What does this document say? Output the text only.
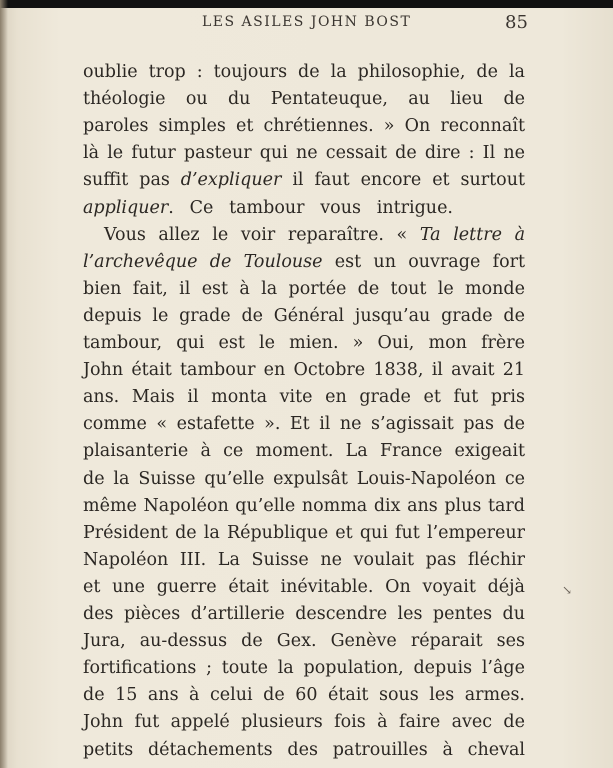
LES ASILES JOHN BOST	85
oublie trop : toujours de la philosophie, de la
théologie ou du Pentateuque, au lieu de
paroles simples et chrétiennes. » On reconnaît
là le futur pasteur qui ne cessait de dire : Il ne
suffit pas d’expliquer il faut encore et surtout
appliquer. Ce tambour vous intrigue.
Vous allez le voir reparaître. « Ta lettre à
l’archevêque de Toulouse est un ouvrage fort
bien fait, il est à la portée de tout le monde
depuis le grade de Général jusqu’au grade de
tambour, qui est le mien. » Oui, mon frère
John était tambour en Octobre 1838, il avait 21
ans. Mais il monta vite en grade et fut pris
comme « estafette ». Et il ne s’agissait pas de
plaisanterie à ce moment. La France exigeait
de la Suisse qu’elle expulsât Louis-Napoléon ce
même Napoléon qu’elle nomma dix ans plus tard
Président de la République et qui fut l’empereur
Napoléon III. La Suisse ne voulait pas fléchir
et une guerre était inévitable. On voyait déjà
des pièces d’artillerie descendre les pentes du
Jura, au-dessus de Gex. Genève réparait ses
fortifications ; toute la population, depuis l’âge
de 15 ans à celui de 60 était sous les armes.
John fut appelé plusieurs fois à faire avec de
petits détachements des patrouilles à cheval
↘
